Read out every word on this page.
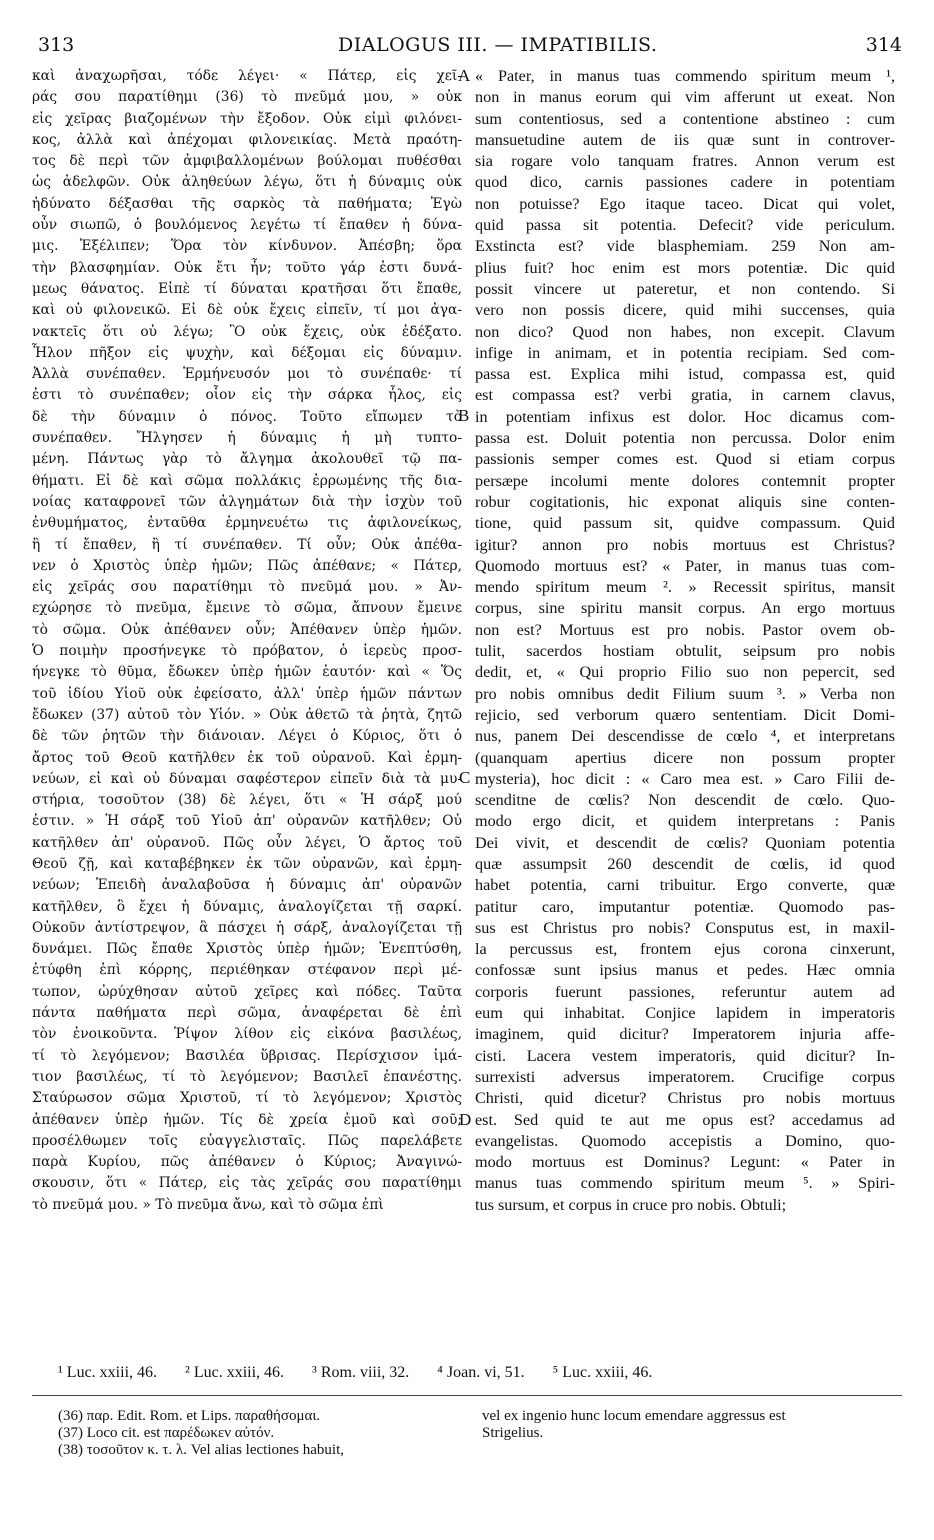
313	DIALOGUS III. — IMPATIBILIS.	314
καὶ ἀναχωρῆσαι, τόδε λέγει· « Πάτερ, εἰς χεῖ-
ράς σου παρατίθημι (36) τὸ πνεῦμά μου, » οὐκ
εἰς χεῖρας βιαζομένων τὴν ἔξοδον. Οὐκ εἰμὶ φιλόνει-
κος, ἀλλὰ καὶ ἀπέχομαι φιλονεικίας. Μετὰ πραότη-
τος δὲ περὶ τῶν ἀμφιβαλλομένων βούλομαι πυθέσθαι
ὡς ἀδελφῶν. Οὐκ ἀληθεύων λέγω, ὅτι ἡ δύναμις οὐκ
ἠδύνατο δέξασθαι τῆς σαρκὸς τὰ παθήματα; Ἐγὼ
οὖν σιωπῶ, ὁ βουλόμενος λεγέτω τί ἔπαθεν ἡ δύνα-
μις. Ἐξέλιπεν; Ὅρα τὸν κίνδυνον. Ἀπέσβη; ὅρα
τὴν βλασφημίαν. Οὐκ ἔτι ἦν; τοῦτο γάρ ἐστι δυνά-
μεως θάνατος. Εἰπὲ τί δύναται κρατῆσαι ὅτι ἔπαθε,
καὶ οὐ φιλονεικῶ. Εἰ δὲ οὐκ ἔχεις εἰπεῖν, τί μοι ἀγα-
νακτεῖς ὅτι οὐ λέγω; Ὃ οὐκ ἔχεις, οὐκ ἐδέξατο.
Ἧλον πῆξον εἰς ψυχὴν, καὶ δέξομαι εἰς δύναμιν.
Ἀλλὰ συνέπαθεν. Ἑρμήνευσόν μοι τὸ συνέπαθε· τί
ἐστι τὸ συνέπαθεν; οἷον εἰς τὴν σάρκα ἧλος, εἰς
δὲ τὴν δύναμιν ὁ πόνος. Τοῦτο εἴπωμεν τὸ
συνέπαθεν. Ἤλγησεν ἡ δύναμις ἡ μὴ τυπτο-
μένη. Πάντως γὰρ τὸ ἄλγημα ἀκολουθεῖ τῷ πα-
θήματι. Εἰ δὲ καὶ σῶμα πολλάκις ἐρρωμένης τῆς δια-
νοίας καταφρονεῖ τῶν ἀλγημάτων διὰ τὴν ἰσχὺν τοῦ
ἐνθυμήματος, ἐνταῦθα ἑρμηνευέτω τις ἀφιλονείκως,
ἢ τί ἔπαθεν, ἢ τί συνέπαθεν. Τί οὖν; Οὐκ ἀπέθα-
νεν ὁ Χριστὸς ὑπὲρ ἡμῶν; Πῶς ἀπέθανε; « Πάτερ,
εἰς χεῖράς σου παρατίθημι τὸ πνεῦμά μου. » Ἀν-
εχώρησε τὸ πνεῦμα, ἔμεινε τὸ σῶμα, ἄπνουν ἔμεινε
τὸ σῶμα. Οὐκ ἀπέθανεν οὖν; Ἀπέθανεν ὑπὲρ ἡμῶν.
Ὁ ποιμὴν προσήνεγκε τὸ πρόβατον, ὁ ἱερεὺς προσ-
ήνεγκε τὸ θῦμα, ἔδωκεν ὑπὲρ ἡμῶν ἑαυτόν· καὶ « Ὅς
τοῦ ἰδίου Υἱοῦ οὐκ ἐφείσατο, ἀλλ' ὑπὲρ ἡμῶν πάντων
ἔδωκεν (37) αὐτοῦ τὸν Υἱόν. » Οὐκ ἀθετῶ τὰ ῥητὰ, ζητῶ
δὲ τῶν ῥητῶν τὴν διάνοιαν. Λέγει ὁ Κύριος, ὅτι ὁ
ἄρτος τοῦ Θεοῦ κατῆλθεν ἐκ τοῦ οὐρανοῦ. Καὶ ἑρμη-
νεύων, εἰ καὶ οὐ δύναμαι σαφέστερον εἰπεῖν διὰ τὰ μυ-
στήρια, τοσοῦτον (38) δὲ λέγει, ὅτι « Ἡ σάρξ μού
ἐστιν. » Ἡ σάρξ τοῦ Υἱοῦ ἀπ' οὐρανῶν κατῆλθεν; Οὐ
κατῆλθεν ἀπ' οὐρανοῦ. Πῶς οὖν λέγει, Ὁ ἄρτος τοῦ
Θεοῦ ζῇ, καὶ καταβέβηκεν ἐκ τῶν οὐρανῶν, καὶ ἑρμη-
νεύων; Ἐπειδὴ ἀναλαβοῦσα ἡ δύναμις ἀπ' οὐρανῶν
κατῆλθεν, ὃ ἔχει ἡ δύναμις, ἀναλογίζεται τῇ σαρκί.
Οὐκοῦν ἀντίστρεψον, ἃ πάσχει ἡ σάρξ, ἀναλογίζεται τῇ
δυνάμει. Πῶς ἔπαθε Χριστὸς ὑπὲρ ἡμῶν; Ἐνεπτύσθη,
ἐτύφθη ἐπὶ κόρρης, περιέθηκαν στέφανον περὶ μέ-
τωπον, ὠρύχθησαν αὐτοῦ χεῖρες καὶ πόδες. Ταῦτα
πάντα παθήματα περὶ σῶμα, ἀναφέρεται δὲ ἐπὶ
τὸν ἐνοικοῦντα. Ῥίψον λίθον εἰς εἰκόνα βασιλέως,
τί τὸ λεγόμενον; Βασιλέα ὕβρισας. Περίσχισον ἱμά-
τιον βασιλέως, τί τὸ λεγόμενον; Βασιλεῖ ἐπανέστης.
Σταύρωσον σῶμα Χριστοῦ, τί τὸ λεγόμενον; Χριστὸς
ἀπέθανεν ὑπὲρ ἡμῶν. Τίς δὲ χρεία ἐμοῦ καὶ σοῦ;
προσέλθωμεν τοῖς εὐαγγελισταῖς. Πῶς παρελάβετε
παρὰ Κυρίου, πῶς ἀπέθανεν ὁ Κύριος; Ἀναγινώ-
σκουσιν, ὅτι « Πάτερ, εἰς τὰς χεῖράς σου παρατίθημι
τὸ πνεῦμά μου. » Τὸ πνεῦμα ἄνω, καὶ τὸ σῶμα ἐπὶ
« Pater, in manus tuas commendo spiritum meum ¹,
non in manus eorum qui vim afferunt ut exeat. Non
sum contentiosus, sed a contentione abstineo : cum
mansuetudine autem de iis quæ sunt in controver-
sia rogare volo tanquam fratres. Annon verum est
quod dico, carnis passiones cadere in potentiam
non potuisse? Ego itaque taceo. Dicat qui volet,
quid passa sit potentia. Defecit? vide periculum.
Exstincta est? vide blasphemiam. 259 Non am-
plius fuit? hoc enim est mors potentiæ. Dic quid
possit vincere ut pateretur, et non contendo. Si
vero non possis dicere, quid mihi succenses, quia
non dico? Quod non habes, non excepit. Clavum
infige in animam, et in potentia recipiam. Sed com-
passa est. Explica mihi istud, compassa est, quid
est compassa est? verbi gratia, in carnem clavus,
in potentiam infixus est dolor. Hoc dicamus com-
passa est. Doluit potentia non percussa. Dolor enim
passionis semper comes est. Quod si etiam corpus
persæpe incolumi mente dolores contemnit propter
robur cogitationis, hic exponat aliquis sine conten-
tione, quid passum sit, quidve compassum. Quid
igitur? annon pro nobis mortuus est Christus?
Quomodo mortuus est? « Pater, in manus tuas com-
mendo spiritum meum ². » Recessit spiritus, mansit
corpus, sine spiritu mansit corpus. An ergo mortuus
non est? Mortuus est pro nobis. Pastor ovem ob-
tulit, sacerdos hostiam obtulit, seipsum pro nobis
dedit, et, « Qui proprio Filio suo non pepercit, sed
pro nobis omnibus dedit Filium suum ³. » Verba non
rejicio, sed verborum quæro sententiam. Dicit Domi-
nus, panem Dei descendisse de cœlo ⁴, et interpretans
(quanquam apertius dicere non possum propter
mysteria), hoc dicit : « Caro mea est. » Caro Filii de-
scenditne de cœlis? Non descendit de cœlo. Quo-
modo ergo dicit, et quidem interpretans : Panis
Dei vivit, et descendit de cœlis? Quoniam potentia
quæ assumpsit 260 descendit de cœlis, id quod
habet potentia, carni tribuitur. Ergo converte, quæ
patitur caro, imputantur potentiæ. Quomodo pas-
sus est Christus pro nobis? Consputus est, in maxil-
la percussus est, frontem ejus corona cinxerunt,
confossæ sunt ipsius manus et pedes. Hæc omnia
corporis fuerunt passiones, referuntur autem ad
eum qui inhabitat. Conjice lapidem in imperatoris
imaginem, quid dicitur? Imperatorem injuria affe-
cisti. Lacera vestem imperatoris, quid dicitur? In-
surrexisti adversus imperatorem. Crucifige corpus
Christi, quid dicetur? Christus pro nobis mortuus
est. Sed quid te aut me opus est? accedamus ad
evangelistas. Quomodo accepistis a Domino, quo-
modo mortuus est Dominus? Legunt: « Pater in
manus tuas commendo spiritum meum ⁵. » Spiri-
tus sursum, et corpus in cruce pro nobis. Obtuli;
A
B
C
D
¹ Luc. xxiii, 46. ² Luc. xxiii, 46. ³ Rom. viii, 32. ⁴ Joan. vi, 51. ⁵ Luc. xxiii, 46.
(36) παρ. Edit. Rom. et Lips. παραθήσομαι.
(37) Loco cit. est παρέδωκεν αὐτόν.
(38) τοσοῦτον κ. τ. λ. Vel alias lectiones habuit,
vel ex ingenio hunc locum emendare aggressus est
Strigelius.
